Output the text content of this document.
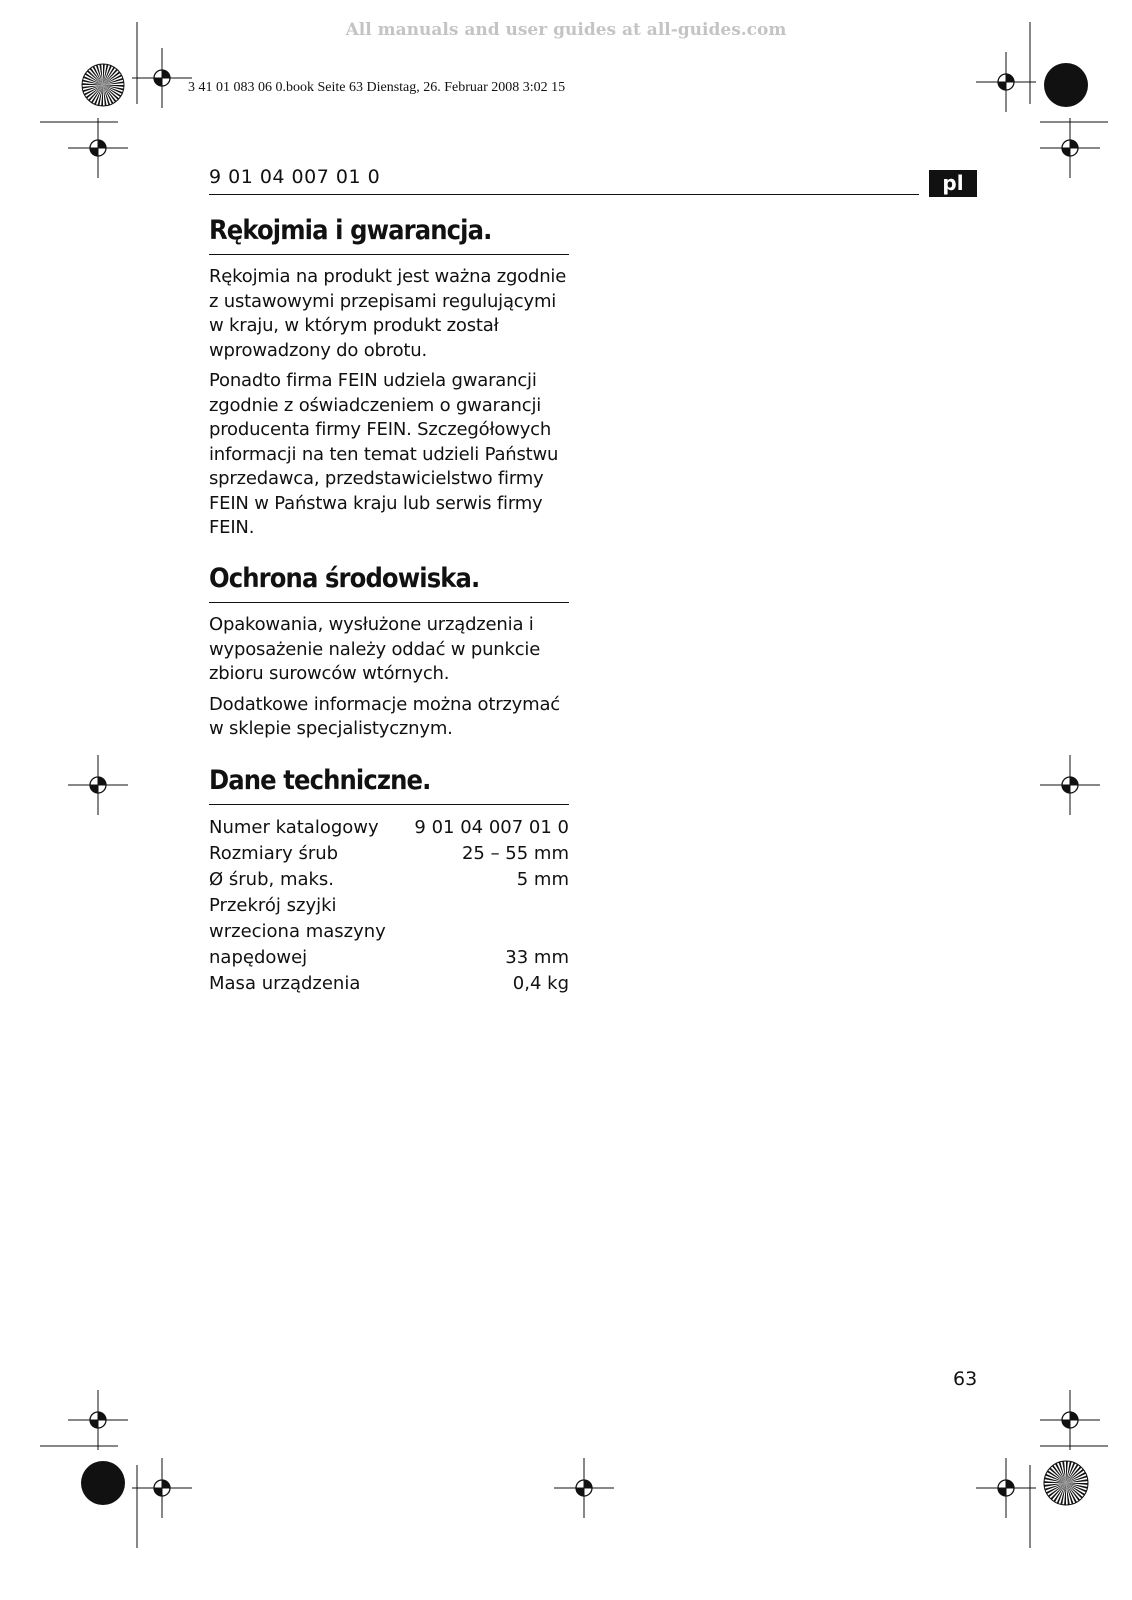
All manuals and user guides at all-guides.com
3 41 01 083 06 0.book Seite 63 Dienstag, 26. Februar 2008 3:02 15
9 01 04 007 01 0	pl
Rękojmia i gwarancja.

Rękojmia na produkt jest ważna zgodnie z ustawowymi przepisami regulującymi w kraju, w którym produkt został wprowadzony do obrotu.

Ponadto firma FEIN udziela gwarancji zgodnie z oświadczeniem o gwarancji producenta firmy FEIN. Szczegółowych informacji na ten temat udzieli Państwu sprzedawca, przedstawicielstwo firmy FEIN w Państwa kraju lub serwis firmy FEIN.

Ochrona środowiska.

Opakowania, wysłużone urządzenia i wyposażenie należy oddać w punkcie zbioru surowców wtórnych.

Dodatkowe informacje można otrzymać w sklepie specjalistycznym.

Dane techniczne.
Numer katalogowy	9 01 04 007 01 0
Rozmiary śrub	25 – 55 mm
Ø śrub, maks.	5 mm
Przekrój szyjki wrzeciona maszyny napędowej	33 mm
Masa urządzenia	0,4 kg
63
